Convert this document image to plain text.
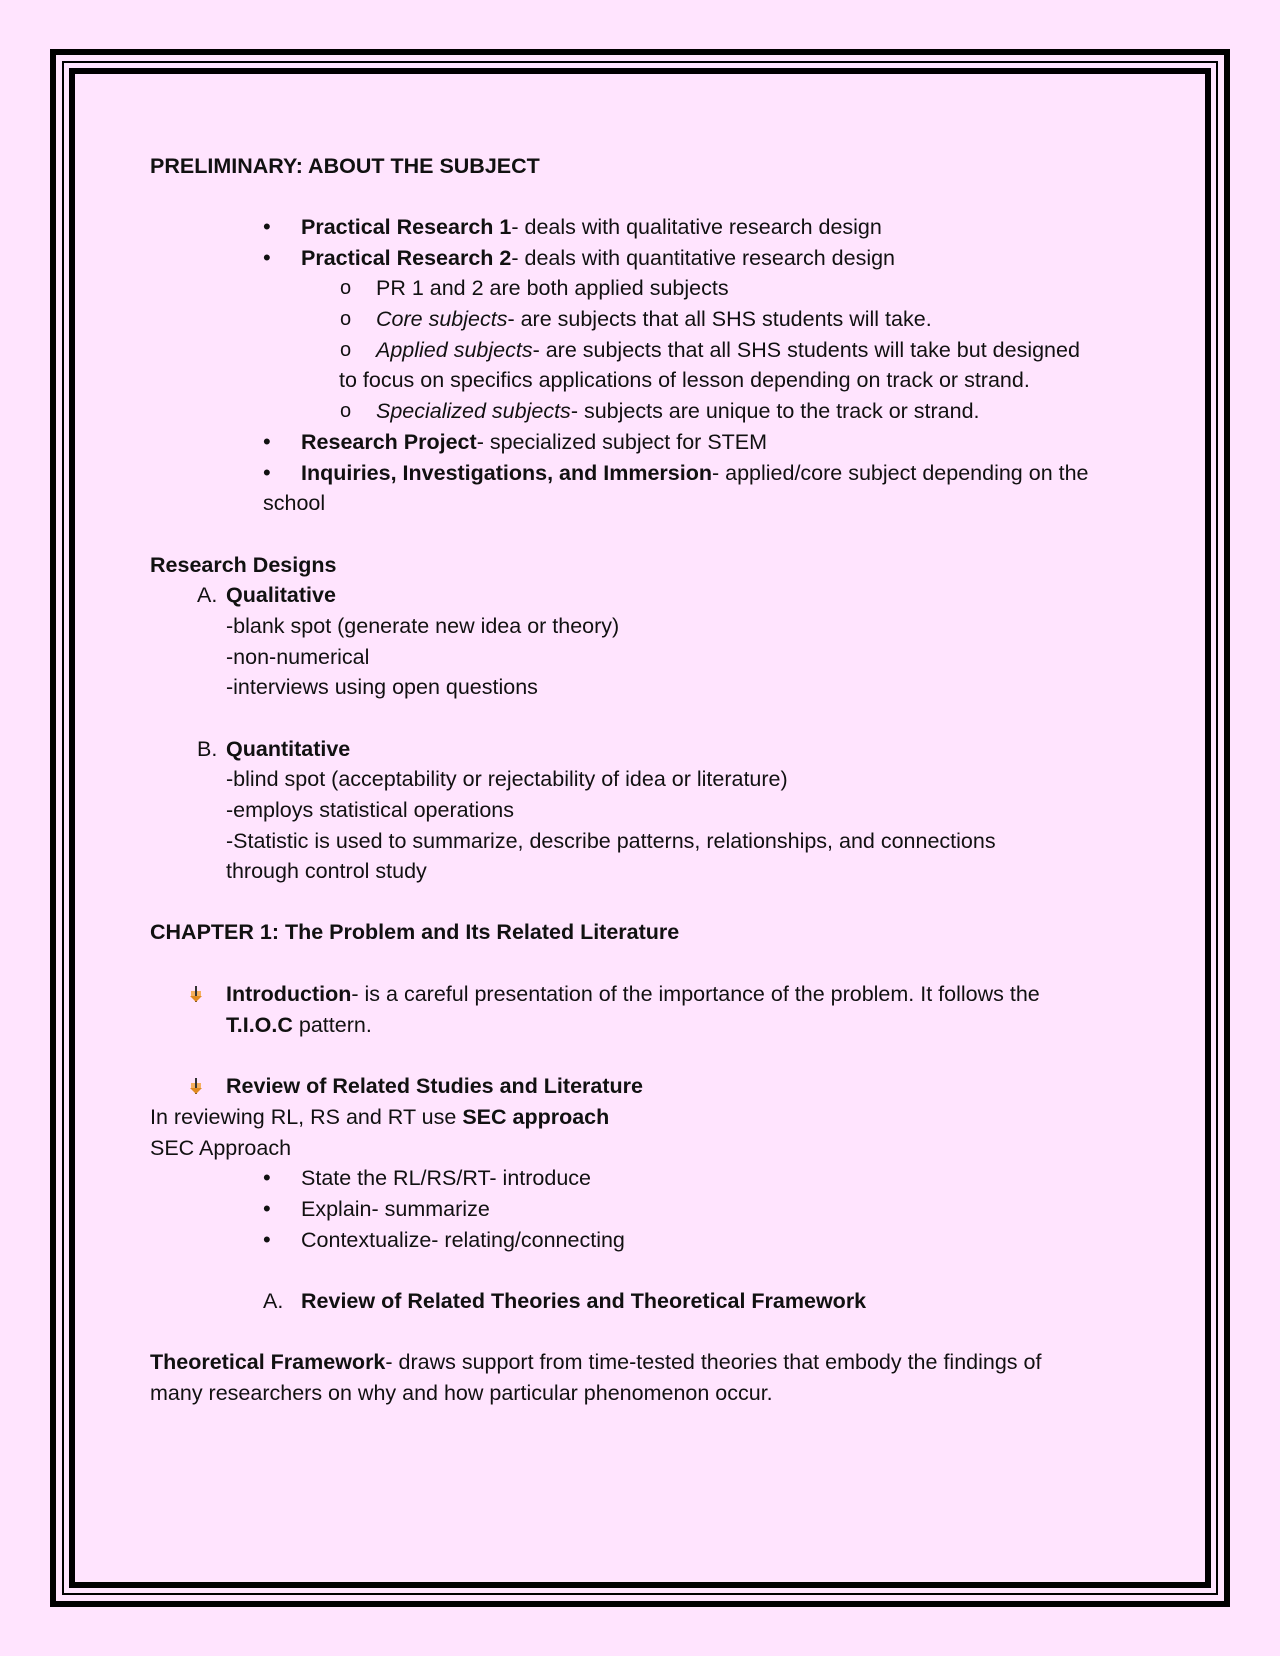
PRELIMINARY: ABOUT THE SUBJECT
• Practical Research 1- deals with qualitative research design
• Practical Research 2- deals with quantitative research design
o PR 1 and 2 are both applied subjects
o Core subjects- are subjects that all SHS students will take.
o Applied subjects- are subjects that all SHS students will take but designed
to focus on specifics applications of lesson depending on track or strand.
o Specialized subjects- subjects are unique to the track or strand.
• Research Project- specialized subject for STEM
• Inquiries, Investigations, and Immersion- applied/core subject depending on the
school
Research Designs
A. Qualitative
-blank spot (generate new idea or theory)
-non-numerical
-interviews using open questions
B. Quantitative
-blind spot (acceptability or rejectability of idea or literature)
-employs statistical operations
-Statistic is used to summarize, describe patterns, relationships, and connections
through control study
CHAPTER 1: The Problem and Its Related Literature
Introduction- is a careful presentation of the importance of the problem. It follows the
T.I.O.C pattern.
Review of Related Studies and Literature
In reviewing RL, RS and RT use SEC approach
SEC Approach
• State the RL/RS/RT- introduce
• Explain- summarize
• Contextualize- relating/connecting
A. Review of Related Theories and Theoretical Framework
Theoretical Framework- draws support from time-tested theories that embody the findings of
many researchers on why and how particular phenomenon occur.
